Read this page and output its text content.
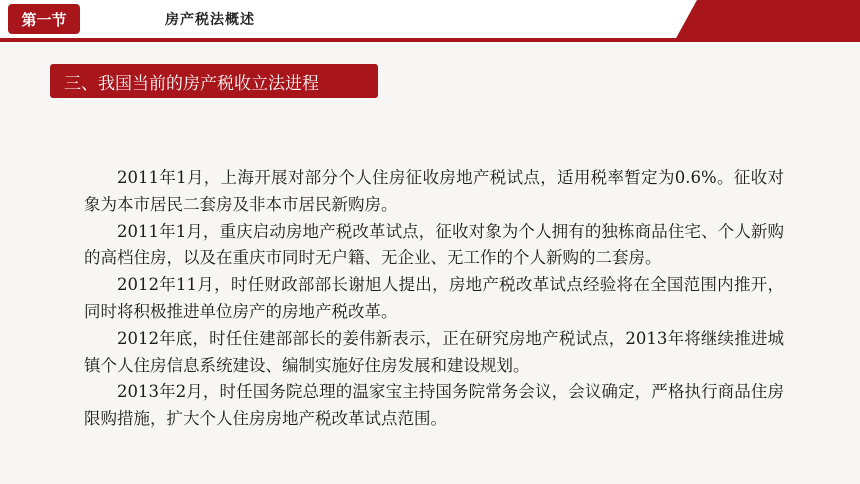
第一节	房产税法概述
三、我国当前的房产税收立法进程

2011年1月，上海开展对部分个人住房征收房地产税试点，适用税率暂定为0.6%。征收对象为本市居民二套房及非本市居民新购房。

2011年1月，重庆启动房地产税改革试点，征收对象为个人拥有的独栋商品住宅、个人新购的高档住房，以及在重庆市同时无户籍、无企业、无工作的个人新购的二套房。

2012年11月，时任财政部部长谢旭人提出，房地产税改革试点经验将在全国范围内推开，同时将积极推进单位房产的房地产税改革。

2012年底，时任住建部部长的姜伟新表示，正在研究房地产税试点，2013年将继续推进城镇个人住房信息系统建设、编制实施好住房发展和建设规划。

2013年2月，时任国务院总理的温家宝主持国务院常务会议，会议确定，严格执行商品住房限购措施，扩大个人住房房地产税改革试点范围。
